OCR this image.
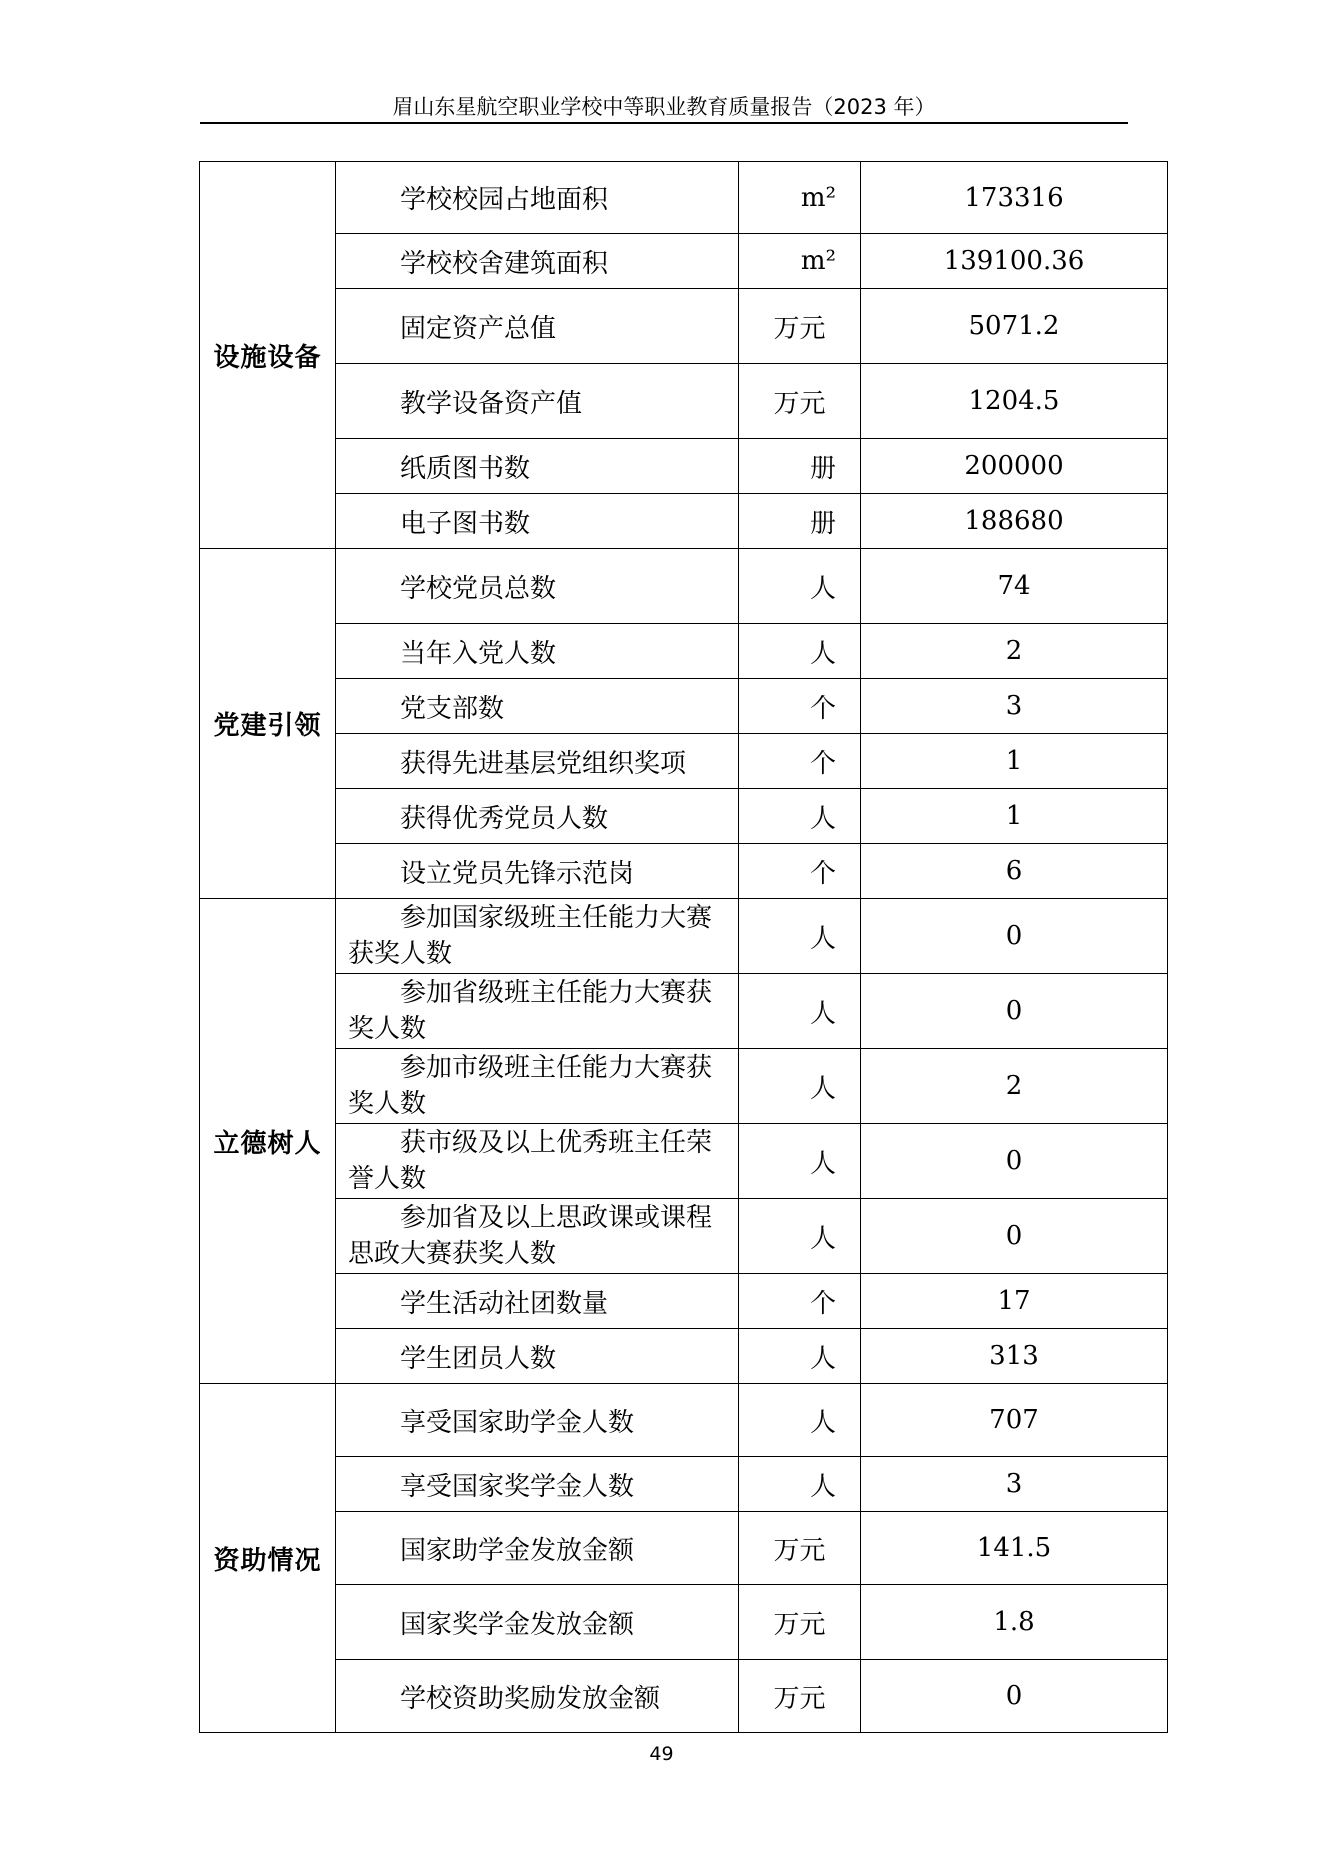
眉山东星航空职业学校中等职业教育质量报告（2023 年）
设施设备	学校校园占地面积	m²	173316
	学校校舍建筑面积	m²	139100.36
	固定资产总值	万元	5071.2
	教学设备资产值	万元	1204.5
	纸质图书数	册	200000
	电子图书数	册	188680
党建引领	学校党员总数	人	74
	当年入党人数	人	2
	党支部数	个	3
	获得先进基层党组织奖项	个	1
	获得优秀党员人数	人	1
	设立党员先锋示范岗	个	6
立德树人	参加国家级班主任能力大赛获奖人数	人	0
	参加省级班主任能力大赛获奖人数	人	0
	参加市级班主任能力大赛获奖人数	人	2
	获市级及以上优秀班主任荣誉人数	人	0
	参加省及以上思政课或课程思政大赛获奖人数	人	0
	学生活动社团数量	个	17
	学生团员人数	人	313
资助情况	享受国家助学金人数	人	707
	享受国家奖学金人数	人	3
	国家助学金发放金额	万元	141.5
	国家奖学金发放金额	万元	1.8
	学校资助奖励发放金额	万元	0
49
